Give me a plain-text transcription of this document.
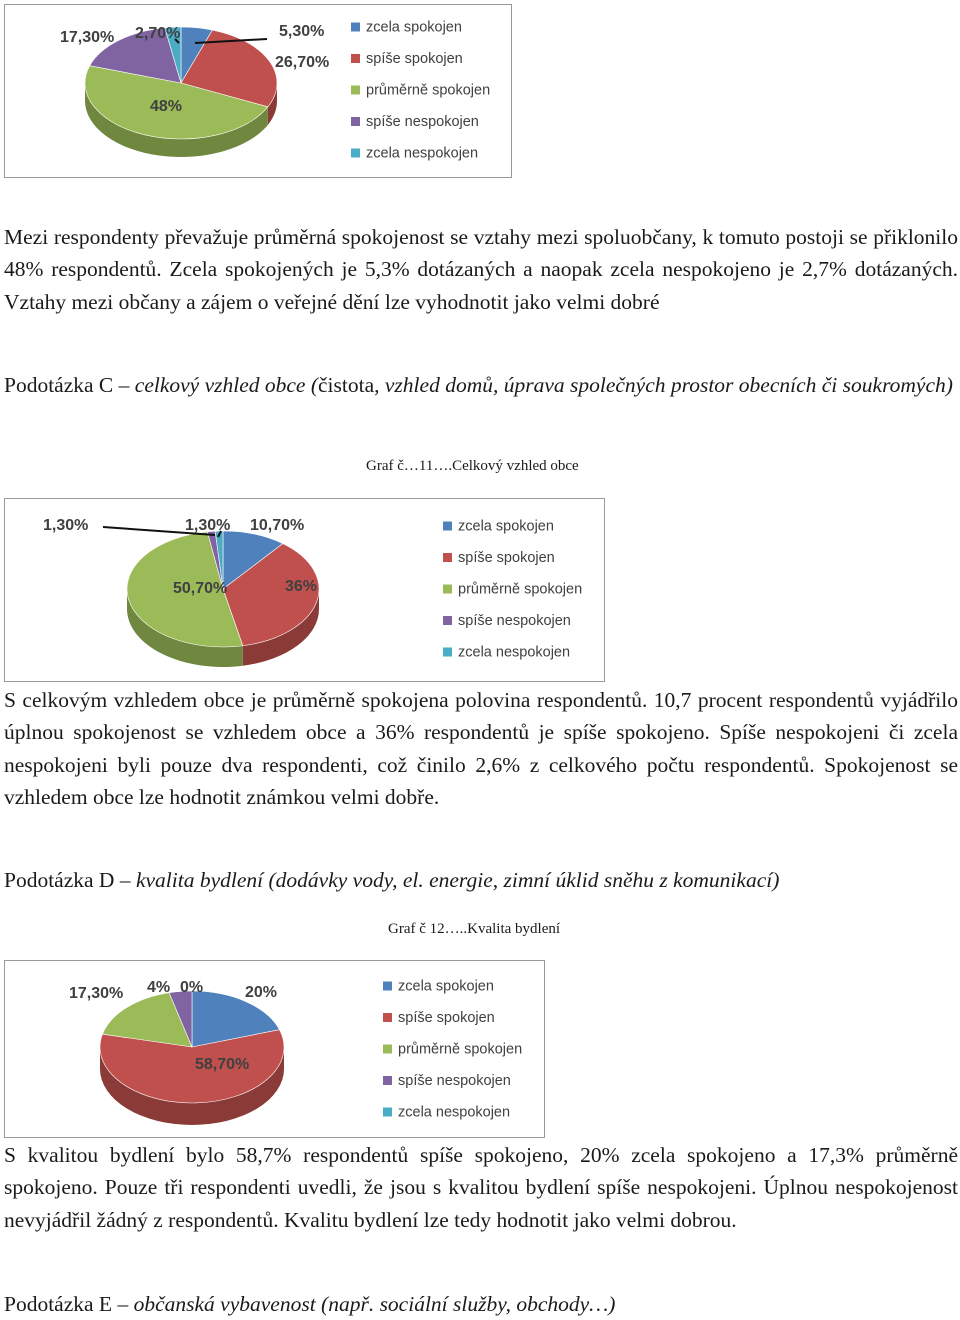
5,30%
26,70%
48%
17,30% 2,70%	zcela spokojen
spíše spokojen
průměrně spokojen
spíše nespokojen
zcela nespokojen

Mezi respondenty převažuje průměrná spokojenost se vztahy mezi spoluobčany, k tomuto postoji se přiklonilo 48% respondentů. Zcela spokojených je 5,3% dotázaných a naopak zcela nespokojeno je 2,7% dotázaných. Vztahy mezi občany a zájem o veřejné dění lze vyhodnotit jako velmi dobré

Podotázka C – celkový vzhled obce (čistota, vzhled domů, úprava společných prostor obecních či soukromých)

Graf č…11….Celkový vzhled obce
10,70%
36%
50,70%
1,30%	1,30%	zcela spokojen
spíše spokojen
průměrně spokojen
spíše nespokojen
zcela nespokojen

S celkovým vzhledem obce je průměrně spokojena polovina respondentů. 10,7 procent respondentů vyjádřilo úplnou spokojenost se vzhledem obce a 36% respondentů je spíše spokojeno. Spíše nespokojeni či zcela nespokojeni byli pouze dva respondenti, což činilo 2,6% z celkového počtu respondentů. Spokojenost se vzhledem obce lze hodnotit známkou velmi dobře.

Podotázka D – kvalita bydlení (dodávky vody, el. energie, zimní úklid sněhu z komunikací)

Graf č 12…..Kvalita bydlení
20%
58,70%
17,30% 4% 0%	zcela spokojen
spíše spokojen
průměrně spokojen
spíše nespokojen
zcela nespokojen

S kvalitou bydlení bylo 58,7% respondentů spíše spokojeno, 20% zcela spokojeno a 17,3% průměrně spokojeno. Pouze tři respondenti uvedli, že jsou s kvalitou bydlení spíše nespokojeni. Úplnou nespokojenost nevyjádřil žádný z respondentů. Kvalitu bydlení lze tedy hodnotit jako velmi dobrou.

Podotázka E – občanská vybavenost (např. sociální služby, obchody…)
